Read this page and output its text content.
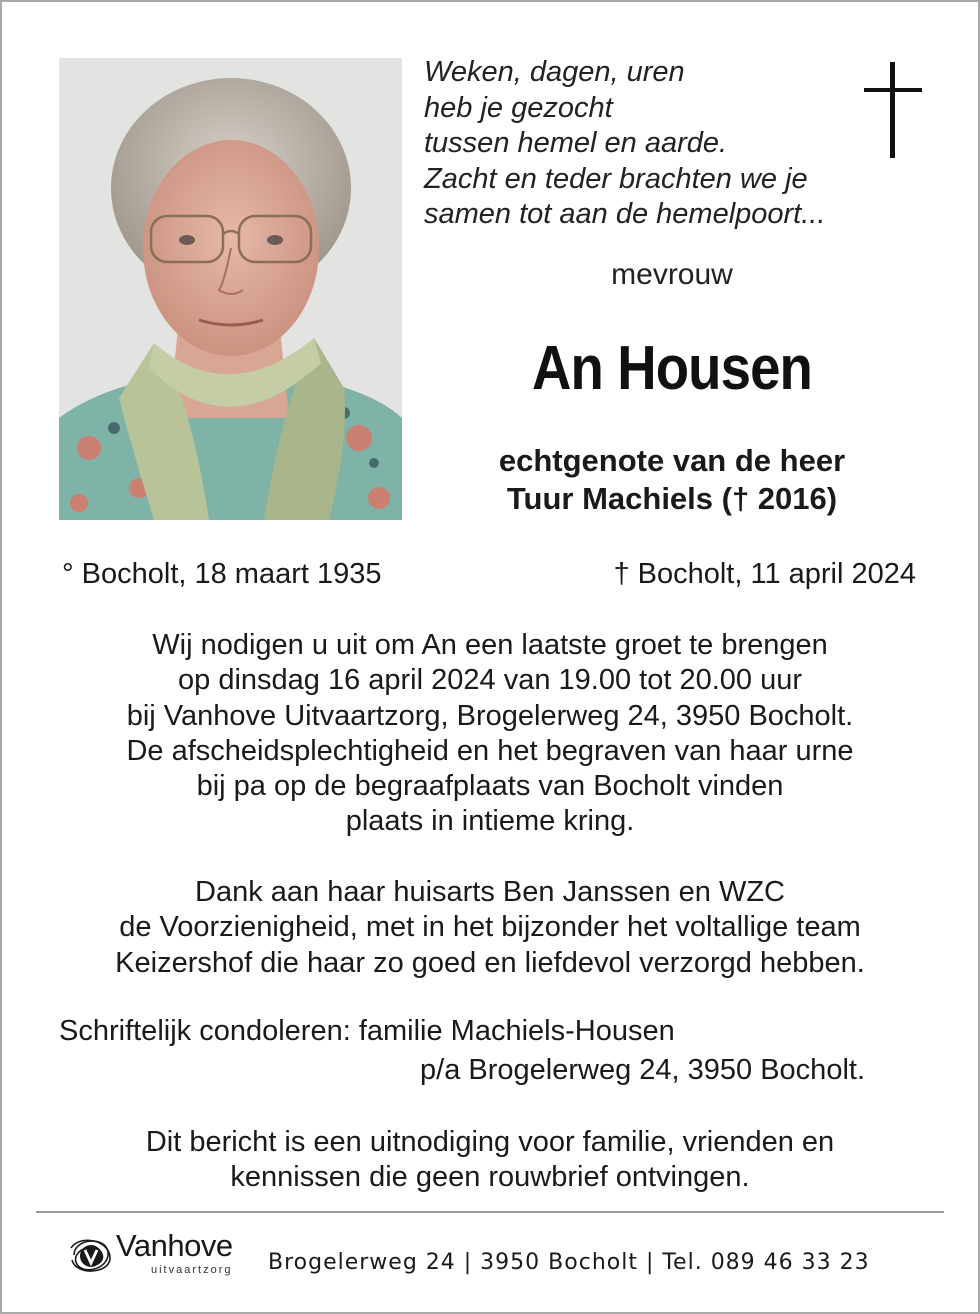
Weken, dagen, uren
heb je gezocht
tussen hemel en aarde.
Zacht en teder brachten we je
samen tot aan de hemelpoort...
mevrouw
An Housen
echtgenote van de heer
Tuur Machiels († 2016)
° Bocholt, 18 maart 1935	† Bocholt, 11 april 2024
Wij nodigen u uit om An een laatste groet te brengen
op dinsdag 16 april 2024 van 19.00 tot 20.00 uur
bij Vanhove Uitvaartzorg, Brogelerweg 24, 3950 Bocholt.
De afscheidsplechtigheid en het begraven van haar urne
bij pa op de begraafplaats van Bocholt vinden
plaats in intieme kring.
Dank aan haar huisarts Ben Janssen en WZC
de Voorzienigheid, met in het bijzonder het voltallige team
Keizershof die haar zo goed en liefdevol verzorgd hebben.
Schriftelijk condoleren: familie Machiels-Housen
p/a Brogelerweg 24, 3950 Bocholt.
Dit bericht is een uitnodiging voor familie, vrienden en
kennissen die geen rouwbrief ontvingen.
Vanhove
uitvaartzorg Brogelerweg 24 | 3950 Bocholt | Tel. 089 46 33 23
